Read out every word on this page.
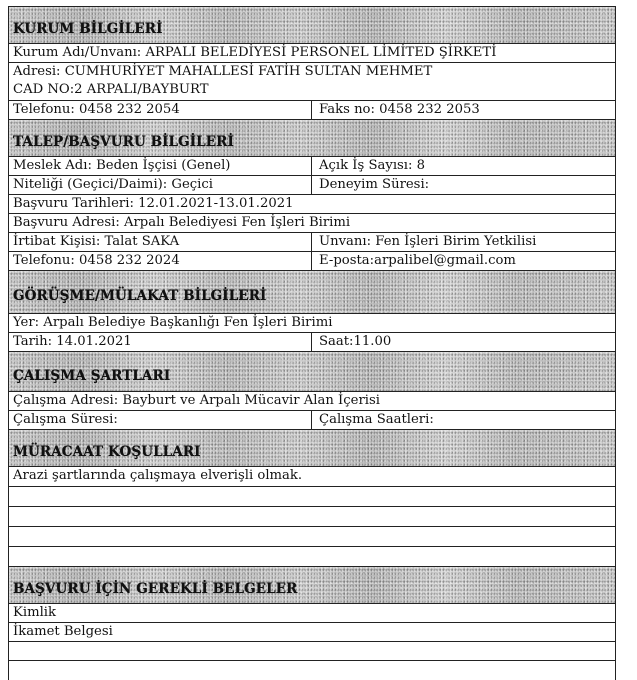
KURUM BİLGİLERİ
Kurum Adı/Unvanı: ARPALI BELEDİYESİ PERSONEL LİMİTED ŞİRKETİ
Adresi: CUMHURİYET MAHALLESİ FATİH SULTAN MEHMET CAD NO:2 ARPALI/BAYBURT
Telefonu: 0458 232 2054	Faks no: 0458 232 2053
TALEP/BAŞVURU BİLGİLERİ
Meslek Adı: Beden İşçisi (Genel)	Açık İş Sayısı: 8
Niteliği (Geçici/Daimi): Geçici	Deneyim Süresi:
Başvuru Tarihleri: 12.01.2021-13.01.2021
Başvuru Adresi: Arpalı Belediyesi Fen İşleri Birimi
İrtibat Kişisi: Talat SAKA	Unvanı: Fen İşleri Birim Yetkilisi
Telefonu: 0458 232 2024	E-posta:arpalibel@gmail.com
GÖRÜŞME/MÜLAKAT BİLGİLERİ
Yer: Arpalı Belediye Başkanlığı Fen İşleri Birimi
Tarih: 14.01.2021	Saat:11.00
ÇALIŞMA ŞARTLARI
Çalışma Adresi: Bayburt ve Arpalı Mücavir Alan İçerisi
Çalışma Süresi:	Çalışma Saatleri:
MÜRACAAT KOŞULLARI
Arazi şartlarında çalışmaya elverişli olmak.
BAŞVURU İÇİN GEREKLİ BELGELER
Kimlik
İkamet Belgesi
